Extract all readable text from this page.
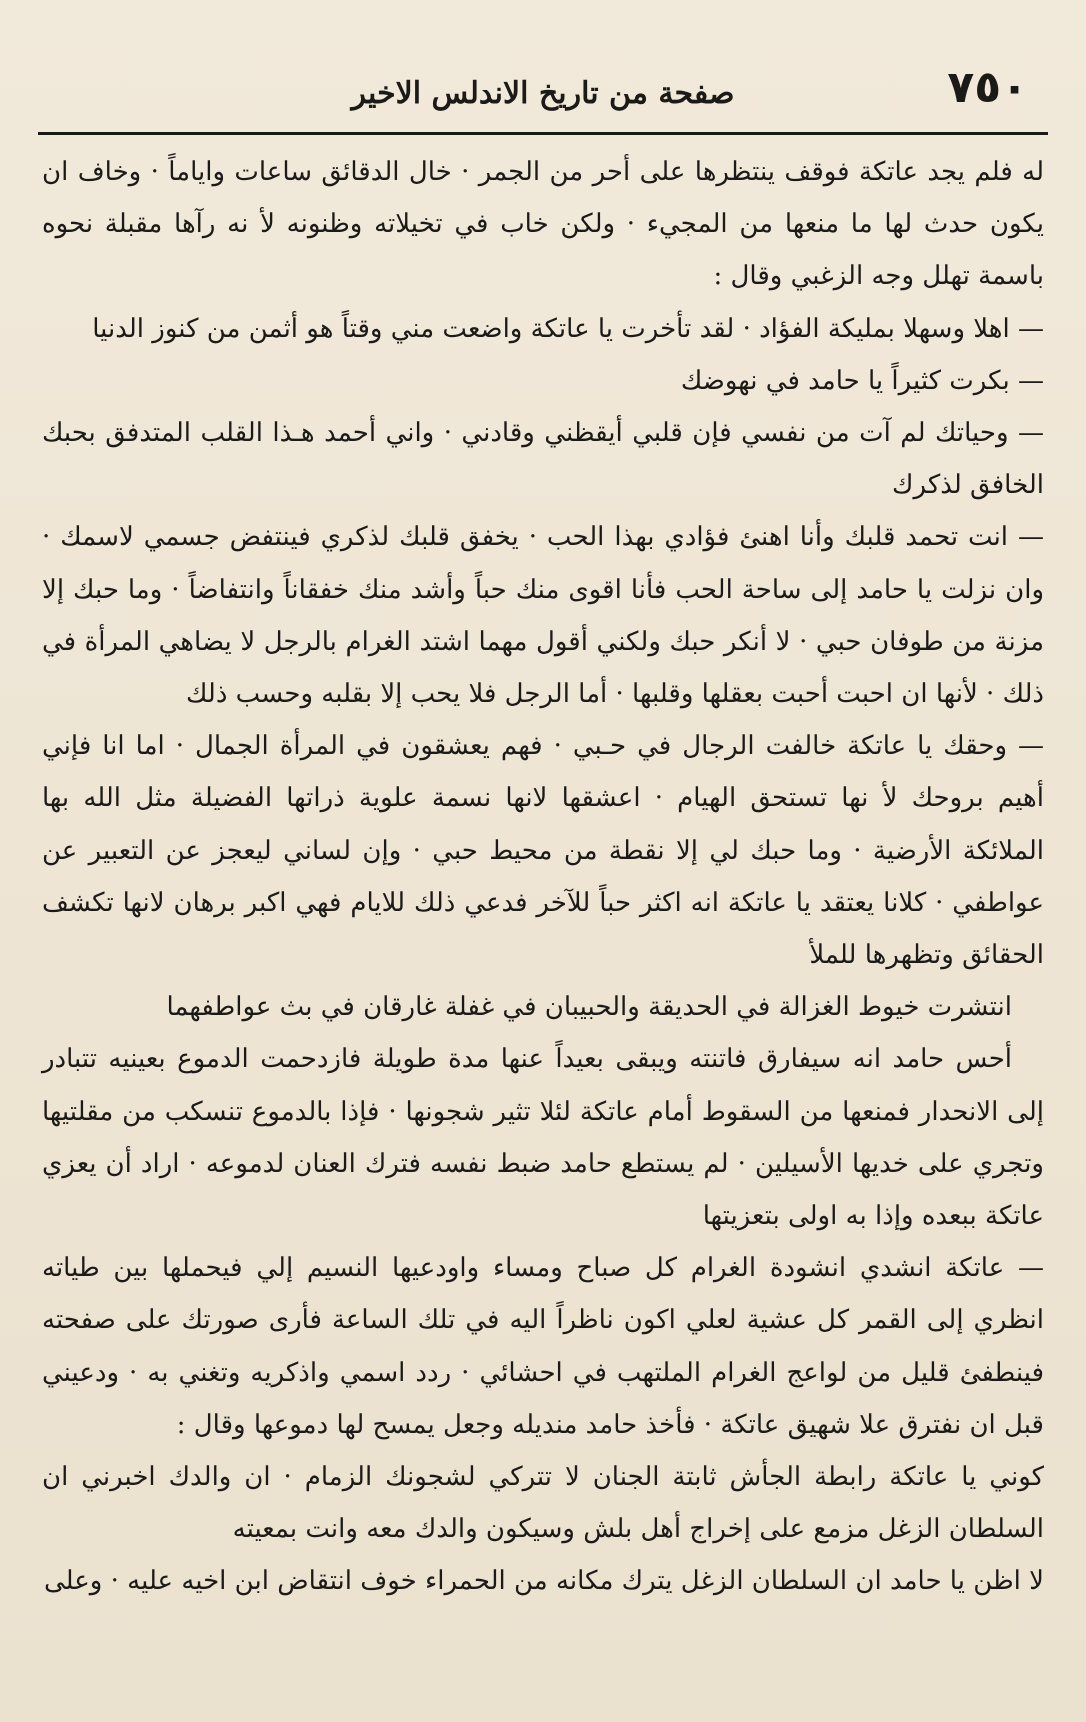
٧٥٠
صفحة من تاريخ الاندلس الاخير

له فلم يجد عاتكة فوقف ينتظرها على أحر من الجمر · خال الدقائق ساعات واياماً · وخاف ان يكون حدث لها ما منعها من المجيء · ولكن خاب في تخيلاته وظنونه لأ نه رآها مقبلة نحوه باسمة تهلل وجه الزغبي وقال :

— اهلا وسهلا بمليكة الفؤاد · لقد تأخرت يا عاتكة واضعت مني وقتاً هو أثمن من كنوز الدنيا

— بكرت كثيراً يا حامد في نهوضك

— وحياتك لم آت من نفسي فإن قلبي أيقظني وقادني · واني أحمد هـذا القلب المتدفق بحبك الخافق لذكرك

— انت تحمد قلبك وأنا اهنئ فؤادي بهذا الحب · يخفق قلبك لذكري فينتفض جسمي لاسمك · وان نزلت يا حامد إلى ساحة الحب فأنا اقوى منك حباً وأشد منك خفقاناً وانتفاضاً · وما حبك إلا مزنة من طوفان حبي · لا أنكر حبك ولكني أقول مهما اشتد الغرام بالرجل لا يضاهي المرأة في ذلك · لأنها ان احبت أحبت بعقلها وقلبها · أما الرجل فلا يحب إلا بقلبه وحسب ذلك

— وحقك يا عاتكة خالفت الرجال في حـبي · فهم يعشقون في المرأة الجمال · اما انا فإني أهيم بروحك لأ نها تستحق الهيام · اعشقها لانها نسمة علوية ذراتها الفضيلة مثل الله بها الملائكة الأرضية · وما حبك لي إلا نقطة من محيط حبي · وإن لساني ليعجز عن التعبير عن عواطفي · كلانا يعتقد يا عاتكة انه اكثر حباً للآخر فدعي ذلك للايام فهي اكبر برهان لانها تكشف الحقائق وتظهرها للملأ

انتشرت خيوط الغزالة في الحديقة والحبيبان في غفلة غارقان في بث عواطفهما

أحس حامد انه سيفارق فاتنته ويبقى بعيداً عنها مدة طويلة فازدحمت الدموع بعينيه تتبادر إلى الانحدار فمنعها من السقوط أمام عاتكة لئلا تثير شجونها · فإذا بالدموع تنسكب من مقلتيها وتجري على خديها الأسيلين · لم يستطع حامد ضبط نفسه فترك العنان لدموعه · اراد أن يعزي عاتكة ببعده وإذا به اولى بتعزيتها

— عاتكة انشدي انشودة الغرام كل صباح ومساء واودعيها النسيم إلي فيحملها بين طياته انظري إلى القمر كل عشية لعلي اكون ناظراً اليه في تلك الساعة فأرى صورتك على صفحته فينطفئ قليل من لواعج الغرام الملتهب في احشائي · ردد اسمي واذكريه وتغني به · ودعيني قبل ان نفترق علا شهيق عاتكة · فأخذ حامد منديله وجعل يمسح لها دموعها وقال :

كوني يا عاتكة رابطة الجأش ثابتة الجنان لا تتركي لشجونك الزمام · ان والدك اخبرني ان السلطان الزغل مزمع على إخراج أهل بلش وسيكون والدك معه وانت بمعيته

لا اظن يا حامد ان السلطان الزغل يترك مكانه من الحمراء خوف انتقاض ابن اخيه عليه · وعلى
